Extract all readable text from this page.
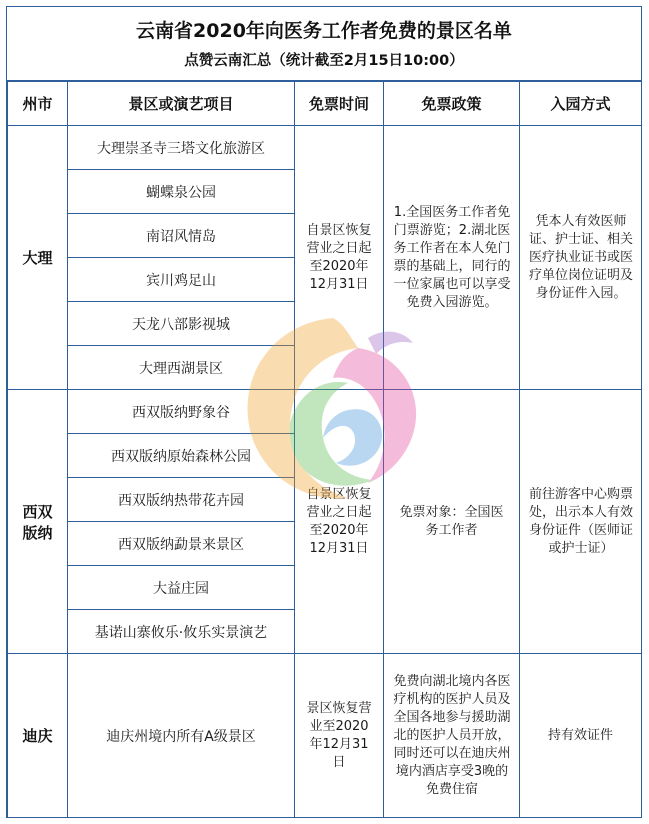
云南省2020年向医务工作者免费的景区名单
点赞云南汇总（统计截至2月15日10:00）
州市	景区或演艺项目	免票时间	免票政策	入园方式
大理	大理崇圣寺三塔文化旅游区	自景区恢复营业之日起至2020年12月31日	1.全国医务工作者免门票游览；2.湖北医务工作者在本人免门票的基础上，同行的一位家属也可以享受免费入园游览。	凭本人有效医师证、护士证、相关医疗执业证书或医疗单位岗位证明及身份证件入园。
	蝴蝶泉公园			
	南诏风情岛			
	宾川鸡足山			
	天龙八部影视城			
	大理西湖景区			
西双版纳	西双版纳野象谷	自景区恢复营业之日起至2020年12月31日	免票对象：全国医务工作者	前往游客中心购票处，出示本人有效身份证件（医师证或护士证）
	西双版纳原始森林公园			
	西双版纳热带花卉园			
	西双版纳勐景来景区			
	大益庄园			
	基诺山寨攸乐·攸乐实景演艺			
迪庆	迪庆州境内所有A级景区	景区恢复营业至2020年12月31日	免费向湖北境内各医疗机构的医护人员及全国各地参与援助湖北的医护人员开放，同时还可以在迪庆州境内酒店享受3晚的免费住宿	持有效证件
